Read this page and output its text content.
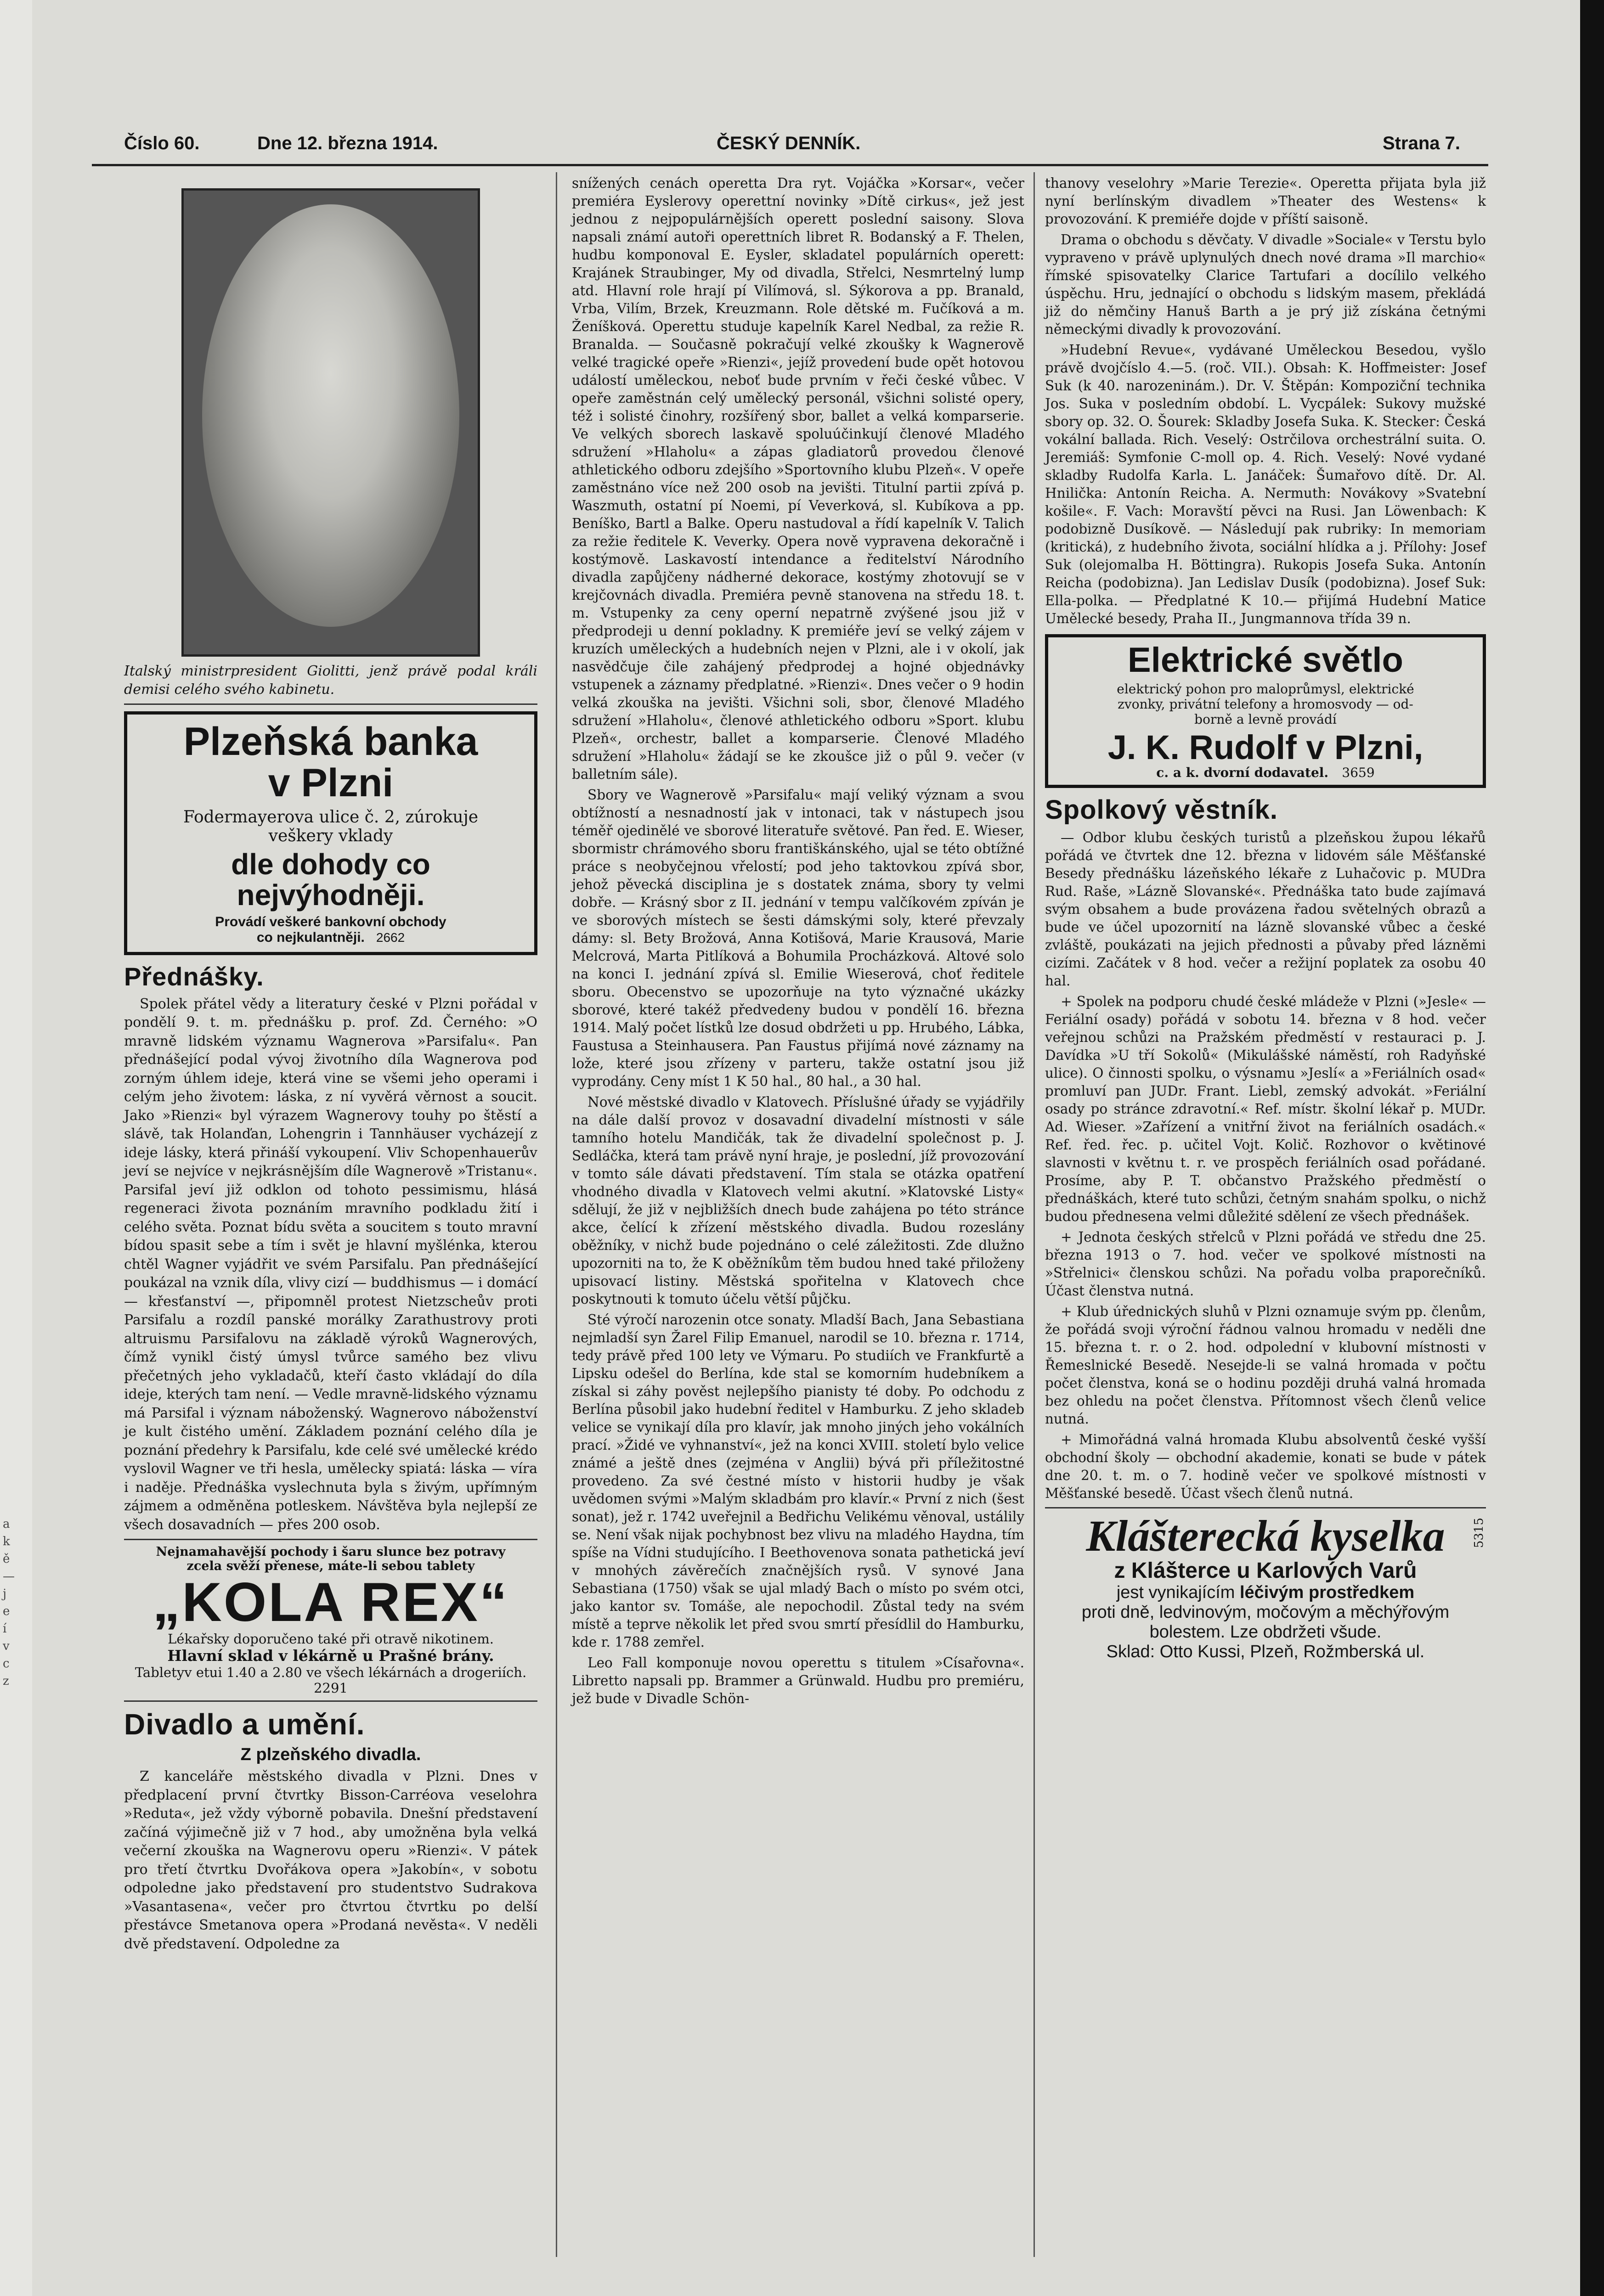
a
k
ě
—
j
e
í
v
c
z
Číslo 60.	Dne 12. března 1914.	ČESKÝ DENNÍK.	Strana 7.
Italský ministrpresident Giolitti, jenž právě podal králi demisi celého svého kabinetu.
Plzeňská banka
v Plzni
Fodermayerova ulice č. 2, zúrokuje
veškery vklady
dle dohody co nejvýhodněji.
Provádí veškeré bankovní obchody
co nejkulantněji. 2662
Přednášky.

Spolek přátel vědy a literatury české v Plzni pořádal v pondělí 9. t. m. přednášku p. prof. Zd. Černého: »O mravně lidském významu Wagnerova »Parsifalu«. Pan přednášející podal vývoj životního díla Wagnerova pod zorným úhlem ideje, která vine se všemi jeho operami i celým jeho životem: láska, z ní vyvěrá věrnost a soucit. Jako »Rienzi« byl výrazem Wagnerovy touhy po štěstí a slávě, tak Holanďan, Lohengrin i Tannhäuser vycházejí z ideje lásky, která přináší vykoupení. Vliv Schopenhauerův jeví se nejvíce v nejkrásnějším díle Wagnerově »Tristanu«. Parsifal jeví již odklon od tohoto pessimismu, hlásá regeneraci života poznáním mravního podkladu žití i celého světa. Poznat bídu světa a soucitem s touto mravní bídou spasit sebe a tím i svět je hlavní myšlénka, kterou chtěl Wagner vyjádřit ve svém Parsifalu. Pan přednášející poukázal na vznik díla, vlivy cizí — buddhismus — i domácí — křesťanství —, připomněl protest Nietzscheův proti Parsifalu a rozdíl panské morálky Zarathustrovy proti altruismu Parsifalovu na základě výroků Wagnerových, čímž vynikl čistý úmysl tvůrce samého bez vlivu přečetných jeho vykladačů, kteří často vkládají do díla ideje, kterých tam není. — Vedle mravně-lidského významu má Parsifal i význam náboženský. Wagnerovo náboženství je kult čistého umění. Základem poznání celého díla je poznání předehry k Parsifalu, kde celé své umělecké krédo vyslovil Wagner ve tři hesla, umělecky spiatá: láska — víra i naděje. Přednáška vyslechnuta byla s živým, upřímným zájmem a odměněna potleskem. Návštěva byla nejlepší ze všech dosavadních — přes 200 osob.

Nejnamahavější pochody i šaru slunce bez potravy
zcela svěží přenese, máte-li sebou tablety
„KOLA REX“
Lékařsky doporučeno také při otravě nikotinem.
Hlavní sklad v lékárně u Prašné brány.
Tabletyv etui 1.40 a 2.80 ve všech lékárnách a drogeriích. 2291
Divadlo a umění.
Z plzeňského divadla.

Z kanceláře městského divadla v Plzni. Dnes v předplacení první čtvrtky Bisson-Carréova veselohra »Reduta«, jež vždy výborně pobavila. Dnešní představení začíná výjimečně již v 7 hod., aby umožněna byla velká večerní zkouška na Wagnerovu operu »Rienzi«. V pátek pro třetí čtvrtku Dvořákova opera »Jakobín«, v sobotu odpoledne jako představení pro studentstvo Sudrakova »Vasantasena«, večer pro čtvrtou čtvrtku po delší přestávce Smetanova opera »Prodaná nevěsta«. V neděli dvě představení. Odpoledne za

snížených cenách operetta Dra ryt. Vojáčka »Korsar«, večer premiéra Eyslerovy operettní novinky »Dítě cirkus«, jež jest jednou z nejpopulárnějších operett poslední saisony. Slova napsali známí autoři operettních libret R. Bodanský a F. Thelen, hudbu komponoval E. Eysler, skladatel populárních operett: Krajánek Straubinger, My od divadla, Střelci, Nesmrtelný lump atd. Hlavní role hrají pí Vilímová, sl. Sýkorova a pp. Branald, Vrba, Vilím, Brzek, Kreuzmann. Role dětské m. Fučíková a m. Ženíšková. Operettu studuje kapelník Karel Nedbal, za režie R. Branalda. — Současně pokračují velké zkoušky k Wagnerově velké tragické opeře »Rienzi«, jejíž provedení bude opět hotovou událostí uměleckou, neboť bude prvním v řeči české vůbec. V opeře zaměstnán celý umělecký personál, všichni solisté opery, též i solisté činohry, rozšířený sbor, ballet a velká komparserie. Ve velkých sborech laskavě spoluúčinkují členové Mladého sdružení »Hlaholu« a zápas gladiatorů provedou členové athletického odboru zdejšího »Sportovního klubu Plzeň«. V opeře zaměstnáno více než 200 osob na jevišti. Titulní partii zpívá p. Waszmuth, ostatní pí Noemi, pí Veverková, sl. Kubíkova a pp. Beníško, Bartl a Balke. Operu nastudoval a řídí kapelník V. Talich za režie ředitele K. Veverky. Opera nově vypravena dekoračně i kostýmově. Laskavostí intendance a ředitelství Národního divadla zapůjčeny nádherné dekorace, kostýmy zhotovují se v krejčovnách divadla. Premiéra pevně stanovena na středu 18. t. m. Vstupenky za ceny operní nepatrně zvýšené jsou již v předprodeji u denní pokladny. K premiéře jeví se velký zájem v kruzích uměleckých a hudebních nejen v Plzni, ale i v okolí, jak nasvědčuje čile zahájený předprodej a hojné objednávky vstupenek a záznamy předplatné. »Rienzi«. Dnes večer o 9 hodin velká zkouška na jevišti. Všichni soli, sbor, členové Mladého sdružení »Hlaholu«, členové athletického odboru »Sport. klubu Plzeň«, orchestr, ballet a komparserie. Členové Mladého sdružení »Hlaholu« žádají se ke zkoušce již o půl 9. večer (v balletním sále).

Sbory ve Wagnerově »Parsifalu« mají veliký význam a svou obtížností a nesnadností jak v intonaci, tak v nástupech jsou téměř ojedinělé ve sborové literatuře světové. Pan řed. E. Wieser, sbormistr chrámového sboru františkánského, ujal se této obtížné práce s neobyčejnou vřelostí; pod jeho taktovkou zpívá sbor, jehož pěvecká disciplina je s dostatek známa, sbory ty velmi dobře. — Krásný sbor z II. jednání v tempu valčíkovém zpíván je ve sborových místech se šesti dámskými soly, které převzaly dámy: sl. Bety Brožová, Anna Kotišová, Marie Krausová, Marie Melcrová, Marta Pitlíková a Bohumila Procházková. Altové solo na konci I. jednání zpívá sl. Emilie Wieserová, choť ředitele sboru. Obecenstvo se upozorňuje na tyto význačné ukázky sborové, které takéž předvedeny budou v pondělí 16. března 1914. Malý počet lístků lze dosud obdržeti u pp. Hrubého, Lábka, Faustusa a Steinhausera. Pan Faustus přijímá nové záznamy na lože, které jsou zřízeny v parteru, takže ostatní jsou již vyprodány. Ceny míst 1 K 50 hal., 80 hal., a 30 hal.

Nové městské divadlo v Klatovech. Příslušné úřady se vyjádřily na dále další provoz v dosavadní divadelní místnosti v sále tamního hotelu Mandičák, tak že divadelní společnost p. J. Sedláčka, která tam právě nyní hraje, je poslední, jíž provozování v tomto sále dávati představení. Tím stala se otázka opatření vhodného divadla v Klatovech velmi akutní. »Klatovské Listy« sdělují, že již v nejbližších dnech bude zahájena po této stránce akce, čelící k zřízení městského divadla. Budou rozeslány oběžníky, v nichž bude pojednáno o celé záležitosti. Zde dlužno upozorniti na to, že K oběžníkům těm budou hned také přiloženy upisovací listiny. Městská spořitelna v Klatovech chce poskytnouti k tomuto účelu větší půjčku.

Sté výročí narozenin otce sonaty. Mladší Bach, Jana Sebastiana nejmladší syn Žarel Filip Emanuel, narodil se 10. března r. 1714, tedy právě před 100 lety ve Výmaru. Po studiích ve Frankfurtě a Lipsku odešel do Berlína, kde stal se komorním hudebníkem a získal si záhy pověst nejlepšího pianisty té doby. Po odchodu z Berlína působil jako hudební ředitel v Hamburku. Z jeho skladeb velice se vynikají díla pro klavír, jak mnoho jiných jeho vokálních prací. »Židé ve vyhnanství«, jež na konci XVIII. století bylo velice známé a ještě dnes (zejména v Anglii) bývá při příležitostné provedeno. Za své čestné místo v historii hudby je však uvědomen svými »Malým skladbám pro klavír.« První z nich (šest sonat), jež r. 1742 uveřejnil a Bedřichu Velikému věnoval, ustálily se. Není však nijak pochybnost bez vlivu na mladého Haydna, tím spíše na Vídni studujícího. I Beethovenova sonata pathetická jeví v mnohých závěrečích značnějších rysů. V synové Jana Sebastiana (1750) však se ujal mladý Bach o místo po svém otci, jako kantor sv. Tomáše, ale nepochodil. Zůstal tedy na svém místě a teprve několik let před svou smrtí přesídlil do Hamburku, kde r. 1788 zemřel.

Leo Fall komponuje novou operettu s titulem »Císařovna«. Libretto napsali pp. Brammer a Grünwald. Hudbu pro premiéru, jež bude v Divadle Schön-

thanovy veselohry »Marie Terezie«. Operetta přijata byla již nyní berlínským divadlem »Theater des Westens« k provozování. K premiéře dojde v příští saisoně.

Drama o obchodu s děvčaty. V divadle »Sociale« v Terstu bylo vypraveno v právě uplynulých dnech nové drama »Il marchio« římské spisovatelky Clarice Tartufari a docílilo velkého úspěchu. Hru, jednající o obchodu s lidským masem, překládá již do němčiny Hanuš Barth a je prý již získána četnými německými divadly k provozování.

»Hudební Revue«, vydávané Uměleckou Besedou, vyšlo právě dvojčíslo 4.—5. (roč. VII.). Obsah: K. Hoffmeister: Josef Suk (k 40. narozeninám.). Dr. V. Štěpán: Kompoziční technika Jos. Suka v posledním období. L. Vycpálek: Sukovy mužské sbory op. 32. O. Šourek: Skladby Josefa Suka. K. Stecker: Česká vokální ballada. Rich. Veselý: Ostrčilova orchestrální suita. O. Jeremiáš: Symfonie C-moll op. 4. Rich. Veselý: Nové vydané skladby Rudolfa Karla. L. Janáček: Šumařovo dítě. Dr. Al. Hnilička: Antonín Reicha. A. Nermuth: Novákovy »Svatební košile«. F. Vach: Moravští pěvci na Rusi. Jan Löwenbach: K podobizně Dusíkově. — Následují pak rubriky: In memoriam (kritická), z hudebního života, sociální hlídka a j. Přílohy: Josef Suk (olejomalba H. Böttingra). Rukopis Josefa Suka. Antonín Reicha (podobizna). Jan Ledislav Dusík (podobizna). Josef Suk: Ella-polka. — Předplatné K 10.— přijímá Hudební Matice Umělecké besedy, Praha II., Jungmannova třída 39 n.

Elektrické světlo
elektrický pohon pro maloprůmysl, elektrické
zvonky, privátní telefony a hromosvody — od-
borně a levně provádí
J. K. Rudolf v Plzni,
c. a k. dvorní dodavatel. 3659
Spolkový věstník.

— Odbor klubu českých turistů a plzeňskou župou lékařů pořádá ve čtvrtek dne 12. března v lidovém sále Měšťanské Besedy přednášku lázeňského lékaře z Luhačovic p. MUDra Rud. Raše, »Lázně Slovanské«. Přednáška tato bude zajímavá svým obsahem a bude provázena řadou světelných obrazů a bude ve účel upozornití na lázně slovanské vůbec a české zvláště, poukázati na jejich přednosti a půvaby před lázněmi cizími. Začátek v 8 hod. večer a režijní poplatek za osobu 40 hal.

+ Spolek na podporu chudé české mládeže v Plzni (»Jesle« — Feriální osady) pořádá v sobotu 14. března v 8 hod. večer veřejnou schůzi na Pražském předměstí v restauraci p. J. Davídka »U tří Sokolů« (Mikulášské náměstí, roh Radyňské ulice). O činnosti spolku, o výsnamu »Jeslí« a »Feriálních osad« promluví pan JUDr. Frant. Liebl, zemský advokát. »Feriální osady po stránce zdravotní.« Ref. místr. školní lékař p. MUDr. Ad. Wieser. »Zařízení a vnitřní život na feriálních osadách.« Ref. řed. řec. p. učitel Vojt. Količ. Rozhovor o květinové slavnosti v květnu t. r. ve prospěch feriálních osad pořádané. Prosíme, aby P. T. občanstvo Pražského předměstí o přednáškách, které tuto schůzi, četným snahám spolku, o nichž budou přednesena velmi důležité sdělení ze všech přednášek.

+ Jednota českých střelců v Plzni pořádá ve středu dne 25. března 1913 o 7. hod. večer ve spolkové místnosti na »Střelnici« členskou schůzi. Na pořadu volba praporečníků. Účast členstva nutná.

+ Klub úřednických sluhů v Plzni oznamuje svým pp. členům, že pořádá svoji výroční řádnou valnou hromadu v neděli dne 15. března t. r. o 2. hod. odpolední v klubovní místnosti v Řemeslnické Besedě. Nesejde-li se valná hromada v počtu počet členstva, koná se o hodinu později druhá valná hromada bez ohledu na počet členstva. Přítomnost všech členů velice nutná.

+ Mimořádná valná hromada Klubu absolventů české vyšší obchodní školy — obchodní akademie, konati se bude v pátek dne 20. t. m. o 7. hodině večer ve spolkové místnosti v Měšťanské besedě. Účast všech členů nutná.

Klášterecká kyselka 5315
z Klášterce u Karlových Varů
jest vynikajícím léčivým prostředkem
proti dně, ledvinovým, močovým a měchýřovým bolestem. Lze obdržeti všude.
Sklad: Otto Kussi, Plzeň, Rožmberská ul.
